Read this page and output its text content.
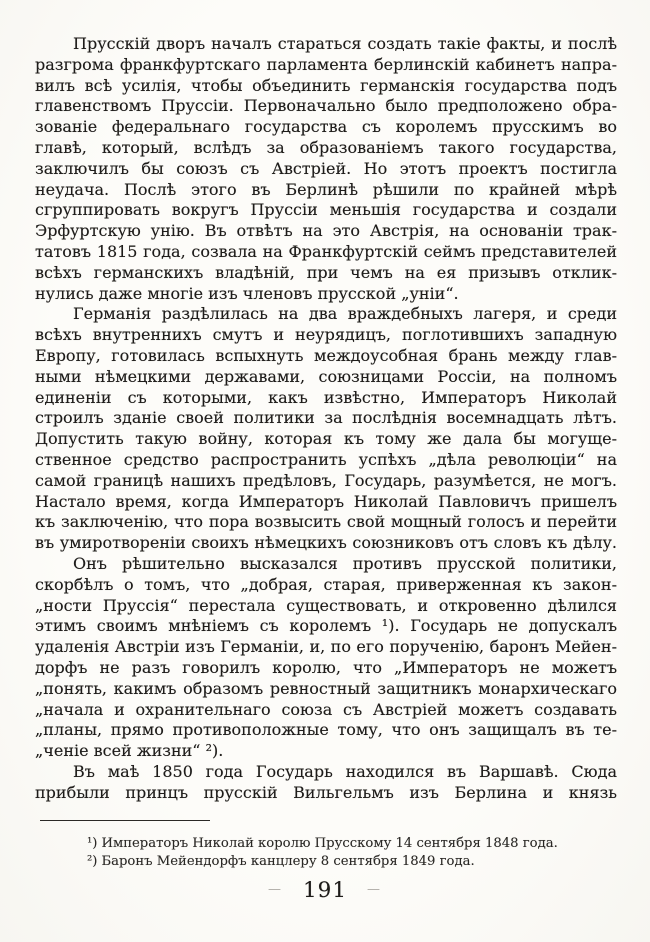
Прусскій дворъ началъ стараться создать такіе факты, и послѣ
разгрома франкфуртскаго парламента берлинскій кабинетъ напра-
вилъ всѣ усилія, чтобы объединить германскія государства подъ
главенствомъ Пруссіи. Первоначально было предположено обра-
зованіе федеральнаго государства съ королемъ прусскимъ во
главѣ, который, вслѣдъ за образованіемъ такого государства,
заключилъ бы союзъ съ Австріей. Но этотъ проектъ постигла
неудача. Послѣ этого въ Берлинѣ рѣшили по крайней мѣрѣ
сгруппировать вокругъ Пруссіи меньшія государства и создали
Эрфуртскую унію. Въ отвѣтъ на это Австрія, на основаніи трак-
татовъ 1815 года, созвала на Франкфуртскій сеймъ представителей
всѣхъ германскихъ владѣній, при чемъ на ея призывъ отклик-
нулись даже многіе изъ членовъ прусской „уніи“.
Германія раздѣлилась на два враждебныхъ лагеря, и среди
всѣхъ внутреннихъ смутъ и неурядицъ, поглотившихъ западную
Европу, готовилась вспыхнуть междоусобная брань между глав-
ными нѣмецкими державами, союзницами Россіи, на полномъ
единеніи съ которыми, какъ извѣстно, Императоръ Николай
строилъ зданіе своей политики за послѣднія восемнадцать лѣтъ.
Допустить такую войну, которая къ тому же дала бы могуще-
ственное средство распространить успѣхъ „дѣла революціи“ на
самой границѣ нашихъ предѣловъ, Государь, разумѣется, не могъ.
Настало время, когда Императоръ Николай Павловичъ пришелъ
къ заключенію, что пора возвысить свой мощный голосъ и перейти
въ умиротвореніи своихъ нѣмецкихъ союзниковъ отъ словъ къ дѣлу.
Онъ рѣшительно высказался противъ прусской политики,
скорбѣлъ о томъ, что „добрая, старая, приверженная къ закон-
„ности Пруссія“ перестала существовать, и откровенно дѣлился
этимъ своимъ мнѣніемъ съ королемъ ¹). Государь не допускалъ
удаленія Австріи изъ Германіи, и, по его порученію, баронъ Мейен-
дорфъ не разъ говорилъ королю, что „Императоръ не можетъ
„понять, какимъ образомъ ревностный защитникъ монархическаго
„начала и охранительнаго союза съ Австріей можетъ создавать
„планы, прямо противоположные тому, что онъ защищалъ въ те-
„ченіе всей жизни“ ²).
Въ маѣ 1850 года Государь находился въ Варшавѣ. Сюда
прибыли принцъ прусскій Вильгельмъ изъ Берлина и князь
¹) Императоръ Николай королю Прусскому 14 сентября 1848 года.
²) Баронъ Мейендорфъ канцлеру 8 сентября 1849 года.
— 191 —
